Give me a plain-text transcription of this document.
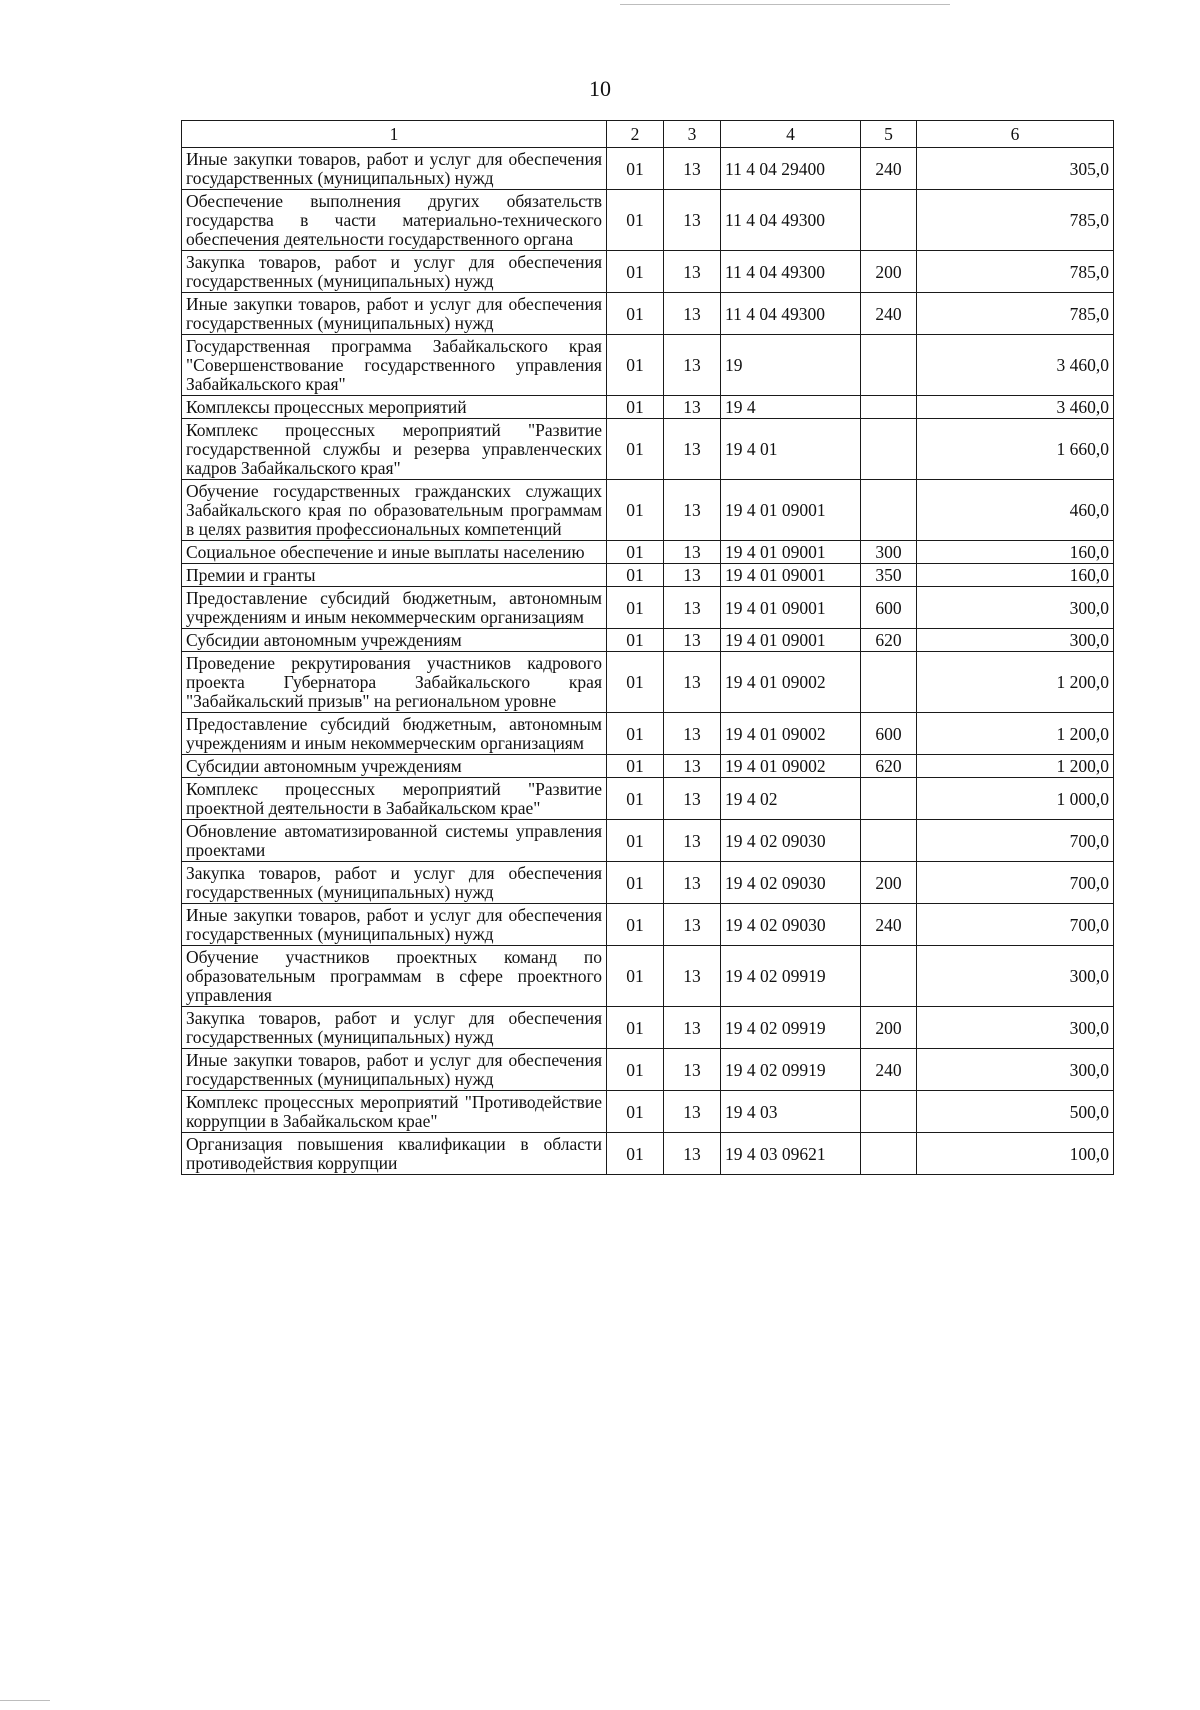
10
1	2	3	4	5	6
Иные закупки товаров, работ и услуг для обеспечения государственных (муниципальных) нужд	01	13	11 4 04 29400	240	305,0
Обеспечение выполнения других обязательств государства в части материально-технического обеспечения деятельности государственного органа	01	13	11 4 04 49300		785,0
Закупка товаров, работ и услуг для обеспечения государственных (муниципальных) нужд	01	13	11 4 04 49300	200	785,0
Иные закупки товаров, работ и услуг для обеспечения государственных (муниципальных) нужд	01	13	11 4 04 49300	240	785,0
Государственная программа Забайкальского края "Совершенствование государственного управления Забайкальского края"	01	13	19		3 460,0
Комплексы процессных мероприятий	01	13	19 4		3 460,0
Комплекс процессных мероприятий "Развитие государственной службы и резерва управленческих кадров Забайкальского края"	01	13	19 4 01		1 660,0
Обучение государственных гражданских служащих Забайкальского края по образовательным программам в целях развития профессиональных компетенций	01	13	19 4 01 09001		460,0
Социальное обеспечение и иные выплаты населению	01	13	19 4 01 09001	300	160,0
Премии и гранты	01	13	19 4 01 09001	350	160,0
Предоставление субсидий бюджетным, автономным учреждениям и иным некоммерческим организациям	01	13	19 4 01 09001	600	300,0
Субсидии автономным учреждениям	01	13	19 4 01 09001	620	300,0
Проведение рекрутирования участников кадрового проекта Губернатора Забайкальского края "Забайкальский призыв" на региональном уровне	01	13	19 4 01 09002		1 200,0
Предоставление субсидий бюджетным, автономным учреждениям и иным некоммерческим организациям	01	13	19 4 01 09002	600	1 200,0
Субсидии автономным учреждениям	01	13	19 4 01 09002	620	1 200,0
Комплекс процессных мероприятий "Развитие проектной деятельности в Забайкальском крае"	01	13	19 4 02		1 000,0
Обновление автоматизированной системы управления проектами	01	13	19 4 02 09030		700,0
Закупка товаров, работ и услуг для обеспечения государственных (муниципальных) нужд	01	13	19 4 02 09030	200	700,0
Иные закупки товаров, работ и услуг для обеспечения государственных (муниципальных) нужд	01	13	19 4 02 09030	240	700,0
Обучение участников проектных команд по образовательным программам в сфере проектного управления	01	13	19 4 02 09919		300,0
Закупка товаров, работ и услуг для обеспечения государственных (муниципальных) нужд	01	13	19 4 02 09919	200	300,0
Иные закупки товаров, работ и услуг для обеспечения государственных (муниципальных) нужд	01	13	19 4 02 09919	240	300,0
Комплекс процессных мероприятий "Противодействие коррупции в Забайкальском крае"	01	13	19 4 03		500,0
Организация повышения квалификации в области противодействия коррупции	01	13	19 4 03 09621		100,0
